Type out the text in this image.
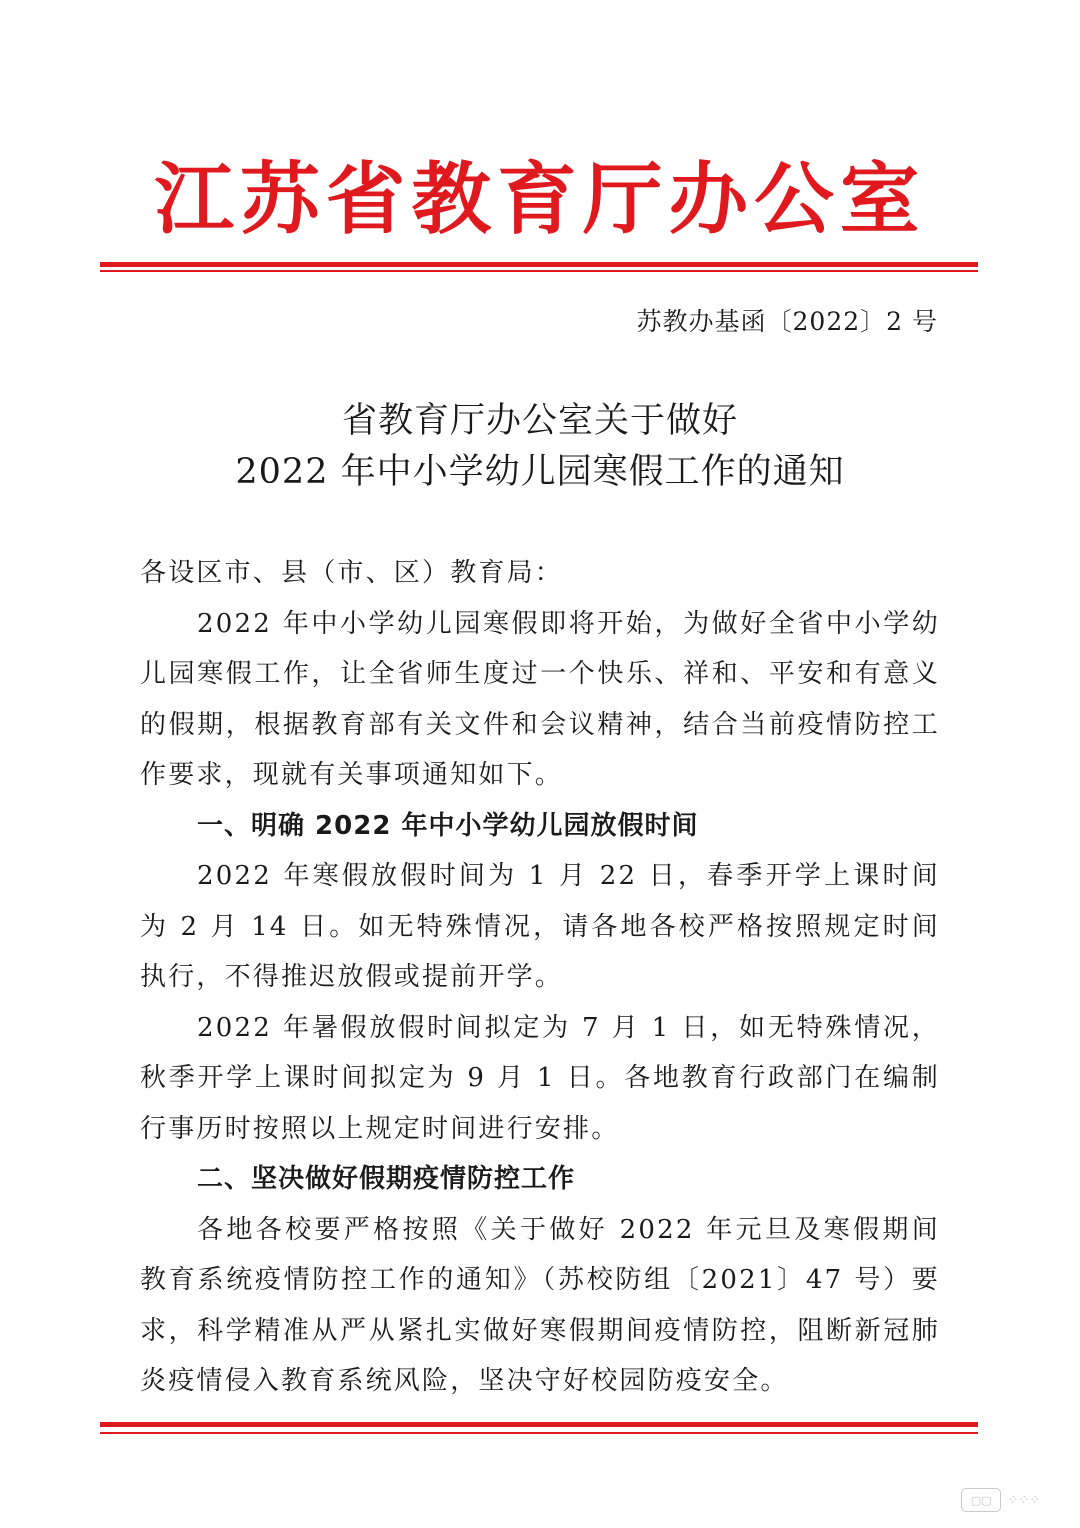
江苏省教育厅办公室
苏教办基函〔2022〕2 号
省教育厅办公室关于做好
2022 年中小学幼儿园寒假工作的通知

各设区市、县（市、区）教育局：

2022 年中小学幼儿园寒假即将开始，为做好全省中小学幼儿园寒假工作，让全省师生度过一个快乐、祥和、平安和有意义的假期，根据教育部有关文件和会议精神，结合当前疫情防控工作要求，现就有关事项通知如下。

一、明确 2022 年中小学幼儿园放假时间

2022 年寒假放假时间为 1 月 22 日，春季开学上课时间为 2 月 14 日。如无特殊情况，请各地各校严格按照规定时间执行，不得推迟放假或提前开学。

2022 年暑假放假时间拟定为 7 月 1 日，如无特殊情况，秋季开学上课时间拟定为 9 月 1 日。各地教育行政部门在编制行事历时按照以上规定时间进行安排。

二、坚决做好假期疫情防控工作

各地各校要严格按照《关于做好 2022 年元旦及寒假期间教育系统疫情防控工作的通知》（苏校防组〔2021〕47 号）要求，科学精准从严从紧扎实做好寒假期间疫情防控，阻断新冠肺炎疫情侵入教育系统风险，坚决守好校园防疫安全。

▢▢	⁘⁘⁘
